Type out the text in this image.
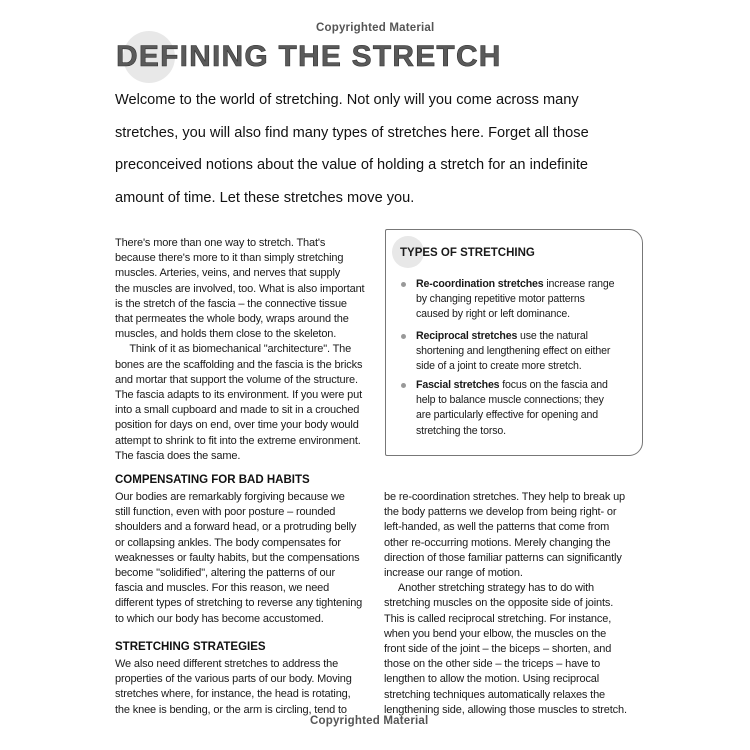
Copyrighted Material
DEFINING THE STRETCH
Welcome to the world of stretching. Not only will you come across many
stretches, you will also find many types of stretches here. Forget all those
preconceived notions about the value of holding a stretch for an indefinite
amount of time. Let these stretches move you.
There's more than one way to stretch. That's
because there's more to it than simply stretching
muscles. Arteries, veins, and nerves that supply
the muscles are involved, too. What is also important
is the stretch of the fascia – the connective tissue
that permeates the whole body, wraps around the
muscles, and holds them close to the skeleton.
Think of it as biomechanical "architecture". The
bones are the scaffolding and the fascia is the bricks
and mortar that support the volume of the structure.
The fascia adapts to its environment. If you were put
into a small cupboard and made to sit in a crouched
position for days on end, over time your body would
attempt to shrink to fit into the extreme environment.
The fascia does the same.
COMPENSATING FOR BAD HABITS
Our bodies are remarkably forgiving because we
still function, even with poor posture – rounded
shoulders and a forward head, or a protruding belly
or collapsing ankles. The body compensates for
weaknesses or faulty habits, but the compensations
become "solidified", altering the patterns of our
fascia and muscles. For this reason, we need
different types of stretching to reverse any tightening
to which our body has become accustomed.
STRETCHING STRATEGIES
We also need different stretches to address the
properties of the various parts of our body. Moving
stretches where, for instance, the head is rotating,
the knee is bending, or the arm is circling, tend to
TYPES OF STRETCHING
Re-coordination stretches increase range
by changing repetitive motor patterns
caused by right or left dominance.
Reciprocal stretches use the natural
shortening and lengthening effect on either
side of a joint to create more stretch.
Fascial stretches focus on the fascia and
help to balance muscle connections; they
are particularly effective for opening and
stretching the torso.
be re-coordination stretches. They help to break up
the body patterns we develop from being right- or
left-handed, as well the patterns that come from
other re-occurring motions. Merely changing the
direction of those familiar patterns can significantly
increase our range of motion.
Another stretching strategy has to do with
stretching muscles on the opposite side of joints.
This is called reciprocal stretching. For instance,
when you bend your elbow, the muscles on the
front side of the joint – the biceps – shorten, and
those on the other side – the triceps – have to
lengthen to allow the motion. Using reciprocal
stretching techniques automatically relaxes the
lengthening side, allowing those muscles to stretch.
Copyrighted Material
